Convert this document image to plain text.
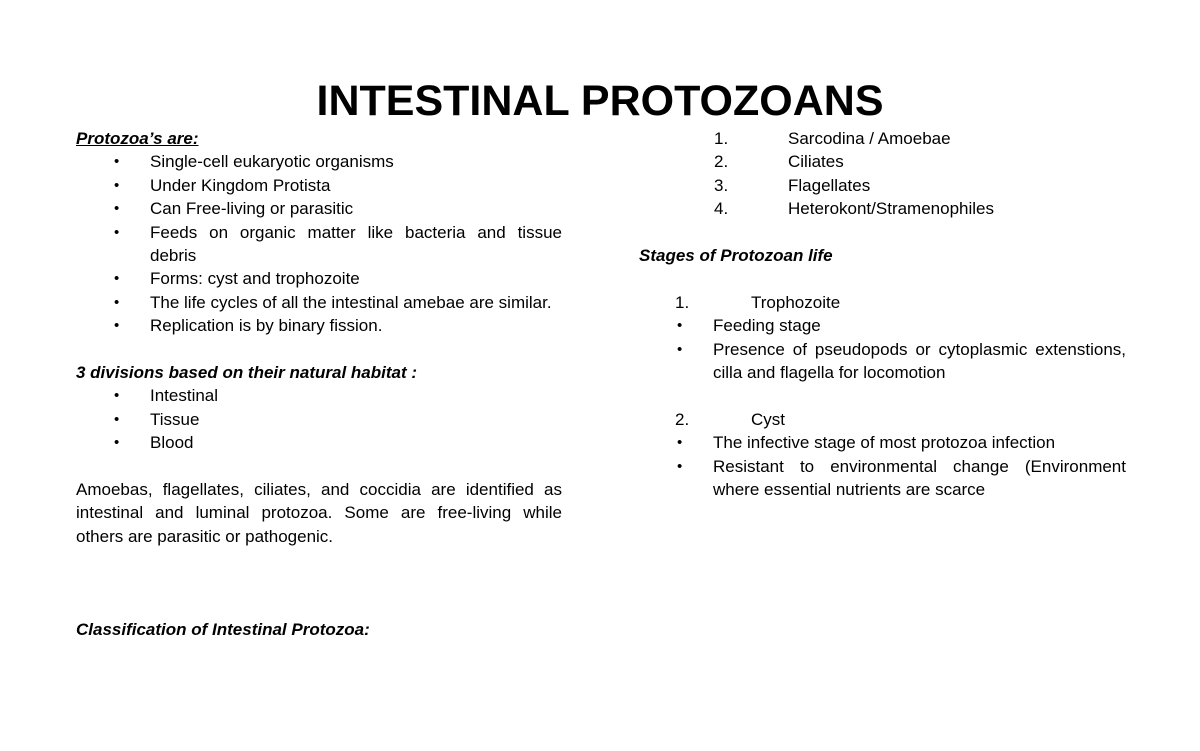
INTESTINAL PROTOZOANS
Protozoa’s are:
• Single-cell eukaryotic organisms
• Under Kingdom Protista
• Can Free-living or parasitic
• Feeds on organic matter like bacteria and tissue debris
• Forms: cyst and trophozoite
• The life cycles of all the intestinal amebae are similar.
• Replication is by binary fission.
3 divisions based on their natural habitat :
• Intestinal
• Tissue
• Blood
Amoebas, flagellates, ciliates, and coccidia are identified as intestinal and luminal protozoa. Some are free-living while others are parasitic or pathogenic.
Classification of Intestinal Protozoa:
1.	Sarcodina / Amoebae
2.	Ciliates
3.	Flagellates
4.	Heterokont/Stramenophiles
Stages of Protozoan life
1.	Trophozoite
• Feeding stage
• Presence of pseudopods or cytoplasmic extenstions, cilla and flagella for locomotion
2.	Cyst
• The infective stage of most protozoa infection
• Resistant to environmental change (Environment where essential nutrients are scarce
